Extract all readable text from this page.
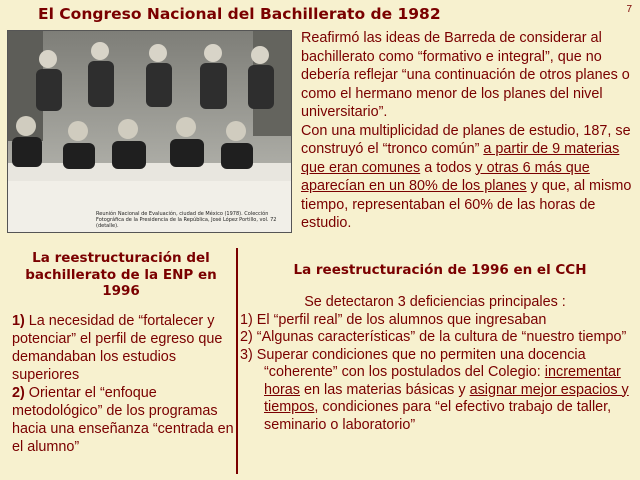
El Congreso Nacional del Bachillerato de 1982	7
Reunión Nacional de Evaluación, ciudad de México (1978). Colección Fotográfica de la Presidencia de la República, José López Portillo, vol. 72 (detalle).
Reafirmó las ideas de Barreda de considerar al bachillerato como “formativo e integral”, que no debería reflejar “una continuación de otros planes o como el hermano menor de los planes del nivel universitario”.
Con una multiplicidad de planes de estudio, 187, se construyó el “tronco común” a partir de 9 materias que eran comunes a todos y otras 6 más que aparecían en un 80% de los planes y que, al mismo tiempo, representaban el 60% de las horas de estudio.
La reestructuración del bachillerato de la ENP en 1996
1) La necesidad de “fortalecer y potenciar” el perfil de egreso que demandaban los estudios superiores
2) Orientar el “enfoque metodológico” de los programas hacia una enseñanza “centrada en el alumno”
La reestructuración de 1996 en el CCH
Se detectaron 3 deficiencias principales :
1) El “perfil real” de los alumnos que ingresaban
2) “Algunas características” de la cultura de “nuestro tiempo”
3) Superar condiciones que no permiten una docencia “coherente” con los postulados del Colegio: incrementar horas en las materias básicas y asignar mejor espacios y tiempos, condiciones para “el efectivo trabajo de taller, seminario o laboratorio”
